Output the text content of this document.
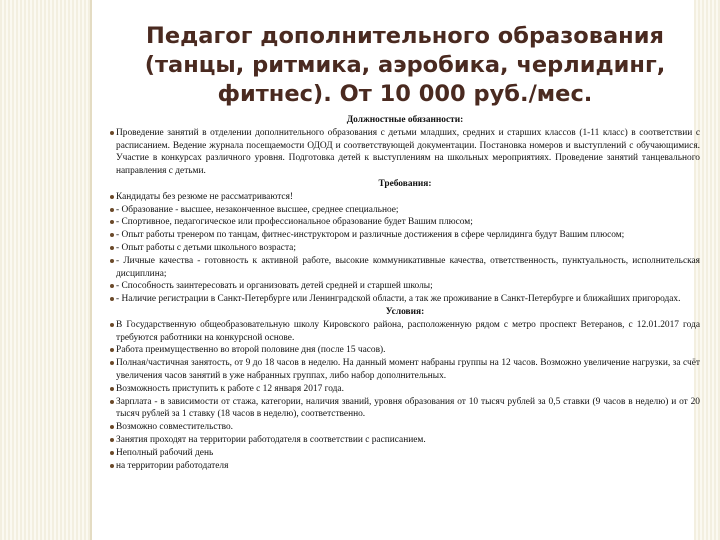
Педагог дополнительного образования (танцы, ритмика, аэробика, черлидинг, фитнес). От 10 000 руб./мес.

Должностные обязанности:

Проведение занятий в отделении дополнительного образования с детьми младших, средних и старших классов (1-11 класс) в соответствии с расписанием. Ведение журнала посещаемости ОДОД и соответствующей документации. Постановка номеров и выступлений с обучающимися. Участие в конкурсах различного уровня. Подготовка детей к выступлениям на школьных мероприятиях. Проведение занятий танцевального направления с детьми.

Требования:

Кандидаты без резюме не рассматриваются!
- Образование - высшее, незаконченное высшее, среднее специальное;
- Спортивное, педагогическое или профессиональное образование будет Вашим плюсом;
- Опыт работы тренером по танцам, фитнес-инструктором и различные достижения в сфере черлидинга будут Вашим плюсом;
- Опыт работы с детьми школьного возраста;
- Личные качества - готовность к активной работе, высокие коммуникативные качества, ответственность, пунктуальность, исполнительская дисциплина;
- Способность заинтересовать и организовать детей средней и старшей школы;
- Наличие регистрации в Санкт-Петербурге или Ленинградской области, а так же проживание в Санкт-Петербурге и ближайших пригородах.

Условия:

В Государственную общеобразовательную школу Кировского района, расположенную рядом с метро проспект Ветеранов, с 12.01.2017 года требуются работники на конкурсной основе.
Работа преимущественно во второй половине дня (после 15 часов).
Полная/частичная занятость, от 9 до 18 часов в неделю. На данный момент набраны группы на 12 часов. Возможно увеличение нагрузки, за счёт увеличения часов занятий в уже набранных группах, либо набор дополнительных.
Возможность приступить к работе с 12 января 2017 года.
Зарплата - в зависимости от стажа, категории, наличия званий, уровня образования от 10 тысяч рублей за 0,5 ставки (9 часов в неделю) и от 20 тысяч рублей за 1 ставку (18 часов в неделю), соответственно.
Возможно совместительство.
Занятия проходят на территории работодателя в соответствии с расписанием.
Неполный рабочий день
на территории работодателя
